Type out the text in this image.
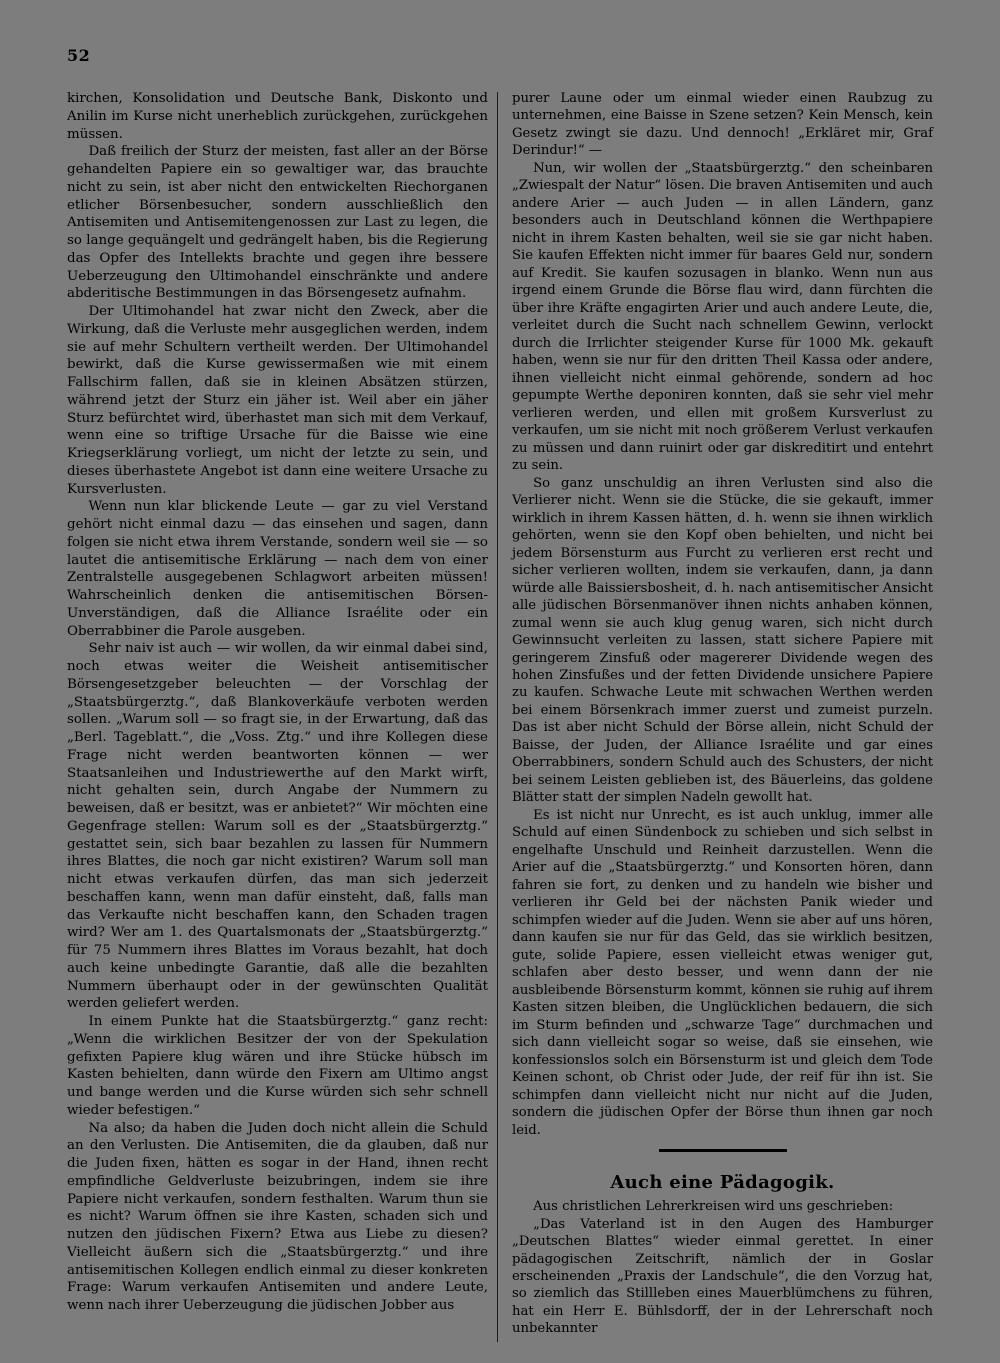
52

kirchen, Konsolidation und Deutsche Bank, Diskonto und Anilin im Kurse nicht unerheblich zurückgehen, zurückgehen müssen.

Daß freilich der Sturz der meisten, fast aller an der Börse gehandelten Papiere ein so gewaltiger war, das brauchte nicht zu sein, ist aber nicht den entwickelten Riechorganen etlicher Börsenbesucher, sondern ausschließlich den Antisemiten und Antisemitengenossen zur Last zu legen, die so lange gequängelt und gedrängelt haben, bis die Regierung das Opfer des Intellekts brachte und gegen ihre bessere Ueberzeugung den Ultimohandel einschränkte und andere abderitische Bestimmungen in das Börsengesetz aufnahm.

Der Ultimohandel hat zwar nicht den Zweck, aber die Wirkung, daß die Verluste mehr ausgeglichen werden, indem sie auf mehr Schultern vertheilt werden. Der Ultimohandel bewirkt, daß die Kurse gewissermaßen wie mit einem Fallschirm fallen, daß sie in kleinen Absätzen stürzen, während jetzt der Sturz ein jäher ist. Weil aber ein jäher Sturz befürchtet wird, überhastet man sich mit dem Verkauf, wenn eine so triftige Ursache für die Baisse wie eine Kriegserklärung vorliegt, um nicht der letzte zu sein, und dieses überhastete Angebot ist dann eine weitere Ursache zu Kursverlusten.

Wenn nun klar blickende Leute — gar zu viel Verstand gehört nicht einmal dazu — das einsehen und sagen, dann folgen sie nicht etwa ihrem Verstande, sondern weil sie — so lautet die antisemitische Erklärung — nach dem von einer Zentralstelle ausgegebenen Schlagwort arbeiten müssen! Wahrscheinlich denken die antisemitischen Börsen-Unverständigen, daß die Alliance Israélite oder ein Oberrabbiner die Parole ausgeben.

Sehr naiv ist auch — wir wollen, da wir einmal dabei sind, noch etwas weiter die Weisheit antisemitischer Börsengesetzgeber beleuchten — der Vorschlag der „Staatsbürgerztg.“, daß Blankoverkäufe verboten werden sollen. „Warum soll — so fragt sie, in der Erwartung, daß das „Berl. Tageblatt.“, die „Voss. Ztg.“ und ihre Kollegen diese Frage nicht werden beantworten können — wer Staatsanleihen und Industriewerthe auf den Markt wirft, nicht gehalten sein, durch Angabe der Nummern zu beweisen, daß er besitzt, was er anbietet?“ Wir möchten eine Gegenfrage stellen: Warum soll es der „Staatsbürgerztg.“ gestattet sein, sich baar bezahlen zu lassen für Nummern ihres Blattes, die noch gar nicht existiren? Warum soll man nicht etwas verkaufen dürfen, das man sich jederzeit beschaffen kann, wenn man dafür einsteht, daß, falls man das Verkaufte nicht beschaffen kann, den Schaden tragen wird? Wer am 1. des Quartalsmonats der „Staatsbürgerztg.“ für 75 Nummern ihres Blattes im Voraus bezahlt, hat doch auch keine unbedingte Garantie, daß alle die bezahlten Nummern überhaupt oder in der gewünschten Qualität werden geliefert werden.

In einem Punkte hat die Staatsbürgerztg.“ ganz recht: „Wenn die wirklichen Besitzer der von der Spekulation gefixten Papiere klug wären und ihre Stücke hübsch im Kasten behielten, dann würde den Fixern am Ultimo angst und bange werden und die Kurse würden sich sehr schnell wieder befestigen.“

Na also; da haben die Juden doch nicht allein die Schuld an den Verlusten. Die Antisemiten, die da glauben, daß nur die Juden fixen, hätten es sogar in der Hand, ihnen recht empfindliche Geldverluste beizubringen, indem sie ihre Papiere nicht verkaufen, sondern festhalten. Warum thun sie es nicht? Warum öffnen sie ihre Kasten, schaden sich und nutzen den jüdischen Fixern? Etwa aus Liebe zu diesen? Vielleicht äußern sich die „Staatsbürgerztg.“ und ihre antisemitischen Kollegen endlich einmal zu dieser konkreten Frage: Warum verkaufen Antisemiten und andere Leute, wenn nach ihrer Ueberzeugung die jüdischen Jobber aus

purer Laune oder um einmal wieder einen Raubzug zu unternehmen, eine Baisse in Szene setzen? Kein Mensch, kein Gesetz zwingt sie dazu. Und dennoch! „Erkläret mir, Graf Derindur!“ —

Nun, wir wollen der „Staatsbürgerztg.“ den scheinbaren „Zwiespalt der Natur“ lösen. Die braven Antisemiten und auch andere Arier — auch Juden — in allen Ländern, ganz besonders auch in Deutschland können die Werthpapiere nicht in ihrem Kasten behalten, weil sie sie gar nicht haben. Sie kaufen Effekten nicht immer für baares Geld nur, sondern auf Kredit. Sie kaufen sozusagen in blanko. Wenn nun aus irgend einem Grunde die Börse flau wird, dann fürchten die über ihre Kräfte engagirten Arier und auch andere Leute, die, verleitet durch die Sucht nach schnellem Gewinn, verlockt durch die Irrlichter steigender Kurse für 1000 Mk. gekauft haben, wenn sie nur für den dritten Theil Kassa oder andere, ihnen vielleicht nicht einmal gehörende, sondern ad hoc gepumpte Werthe deponiren konnten, daß sie sehr viel mehr verlieren werden, und ellen mit großem Kursverlust zu verkaufen, um sie nicht mit noch größerem Verlust verkaufen zu müssen und dann ruinirt oder gar diskreditirt und entehrt zu sein.

So ganz unschuldig an ihren Verlusten sind also die Verlierer nicht. Wenn sie die Stücke, die sie gekauft, immer wirklich in ihrem Kassen hätten, d. h. wenn sie ihnen wirklich gehörten, wenn sie den Kopf oben behielten, und nicht bei jedem Börsensturm aus Furcht zu verlieren erst recht und sicher verlieren wollten, indem sie verkaufen, dann, ja dann würde alle Baissiersbosheit, d. h. nach antisemitischer Ansicht alle jüdischen Börsenmanöver ihnen nichts anhaben können, zumal wenn sie auch klug genug waren, sich nicht durch Gewinnsucht verleiten zu lassen, statt sichere Papiere mit geringerem Zinsfuß oder magererer Dividende wegen des hohen Zinsfußes und der fetten Dividende unsichere Papiere zu kaufen. Schwache Leute mit schwachen Werthen werden bei einem Börsenkrach immer zuerst und zumeist purzeln. Das ist aber nicht Schuld der Börse allein, nicht Schuld der Baisse, der Juden, der Alliance Israélite und gar eines Oberrabbiners, sondern Schuld auch des Schusters, der nicht bei seinem Leisten geblieben ist, des Bäuerleins, das goldene Blätter statt der simplen Nadeln gewollt hat.

Es ist nicht nur Unrecht, es ist auch unklug, immer alle Schuld auf einen Sündenbock zu schieben und sich selbst in engelhafte Unschuld und Reinheit darzustellen. Wenn die Arier auf die „Staatsbürgerztg.“ und Konsorten hören, dann fahren sie fort, zu denken und zu handeln wie bisher und verlieren ihr Geld bei der nächsten Panik wieder und schimpfen wieder auf die Juden. Wenn sie aber auf uns hören, dann kaufen sie nur für das Geld, das sie wirklich besitzen, gute, solide Papiere, essen vielleicht etwas weniger gut, schlafen aber desto besser, und wenn dann der nie ausbleibende Börsensturm kommt, können sie ruhig auf ihrem Kasten sitzen bleiben, die Unglücklichen bedauern, die sich im Sturm befinden und „schwarze Tage“ durchmachen und sich dann vielleicht sogar so weise, daß sie einsehen, wie konfessionslos solch ein Börsensturm ist und gleich dem Tode Keinen schont, ob Christ oder Jude, der reif für ihn ist. Sie schimpfen dann vielleicht nicht nur nicht auf die Juden, sondern die jüdischen Opfer der Börse thun ihnen gar noch leid.

Auch eine Pädagogik.

Aus christlichen Lehrerkreisen wird uns geschrieben:

„Das Vaterland ist in den Augen des Hamburger „Deutschen Blattes“ wieder einmal gerettet. In einer pädagogischen Zeitschrift, nämlich der in Goslar erscheinenden „Praxis der Landschule“, die den Vorzug hat, so ziemlich das Stillleben eines Mauerblümchens zu führen, hat ein Herr E. Bühlsdorff, der in der Lehrerschaft noch unbekannter
